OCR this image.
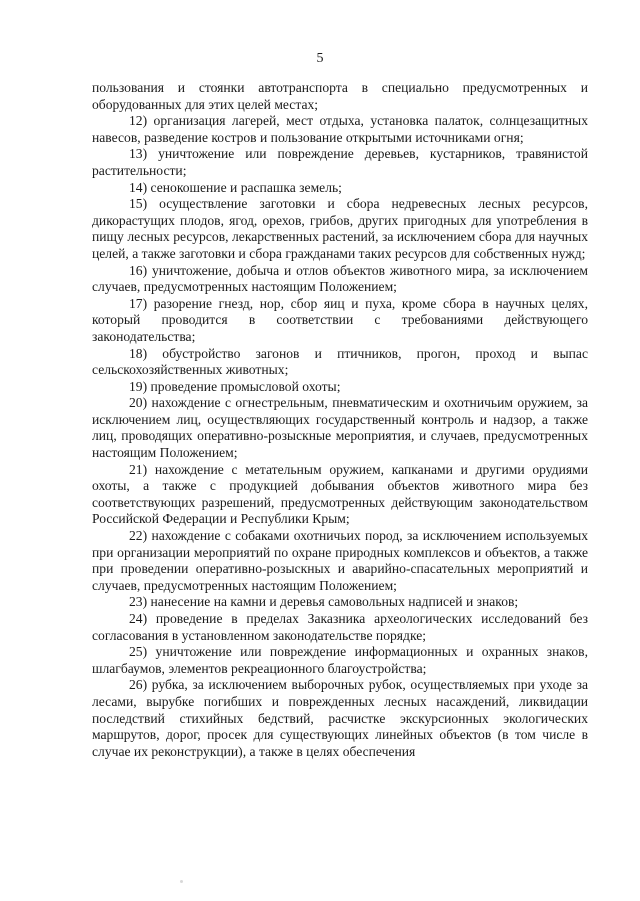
5

пользования и стоянки автотранспорта в специально предусмотренных и оборудованных для этих целей местах;

12) организация лагерей, мест отдыха, установка палаток, солнцезащитных навесов, разведение костров и пользование открытыми источниками огня;

13) уничтожение или повреждение деревьев, кустарников, травянистой растительности;

14) сенокошение и распашка земель;

15) осуществление заготовки и сбора недревесных лесных ресурсов, дикорастущих плодов, ягод, орехов, грибов, других пригодных для употребления в пищу лесных ресурсов, лекарственных растений, за исключением сбора для научных целей, а также заготовки и сбора гражданами таких ресурсов для собственных нужд;

16) уничтожение, добыча и отлов объектов животного мира, за исключением случаев, предусмотренных настоящим Положением;

17) разорение гнезд, нор, сбор яиц и пуха, кроме сбора в научных целях, который проводится в соответствии с требованиями действующего законодательства;

18) обустройство загонов и птичников, прогон, проход и выпас сельскохозяйственных животных;

19) проведение промысловой охоты;

20) нахождение с огнестрельным, пневматическим и охотничьим оружием, за исключением лиц, осуществляющих государственный контроль и надзор, а также лиц, проводящих оперативно-розыскные мероприятия, и случаев, предусмотренных настоящим Положением;

21) нахождение с метательным оружием, капканами и другими орудиями охоты, а также с продукцией добывания объектов животного мира без соответствующих разрешений, предусмотренных действующим законодательством Российской Федерации и Республики Крым;

22) нахождение с собаками охотничьих пород, за исключением используемых при организации мероприятий по охране природных комплексов и объектов, а также при проведении оперативно-розыскных и аварийно-спасательных мероприятий и случаев, предусмотренных настоящим Положением;

23) нанесение на камни и деревья самовольных надписей и знаков;

24) проведение в пределах Заказника археологических исследований без согласования в установленном законодательстве порядке;

25) уничтожение или повреждение информационных и охранных знаков, шлагбаумов, элементов рекреационного благоустройства;

26) рубка, за исключением выборочных рубок, осуществляемых при уходе за лесами, вырубке погибших и поврежденных лесных насаждений, ликвидации последствий стихийных бедствий, расчистке экскурсионных экологических маршрутов, дорог, просек для существующих линейных объектов (в том числе в случае их реконструкции), а также в целях обеспечения
